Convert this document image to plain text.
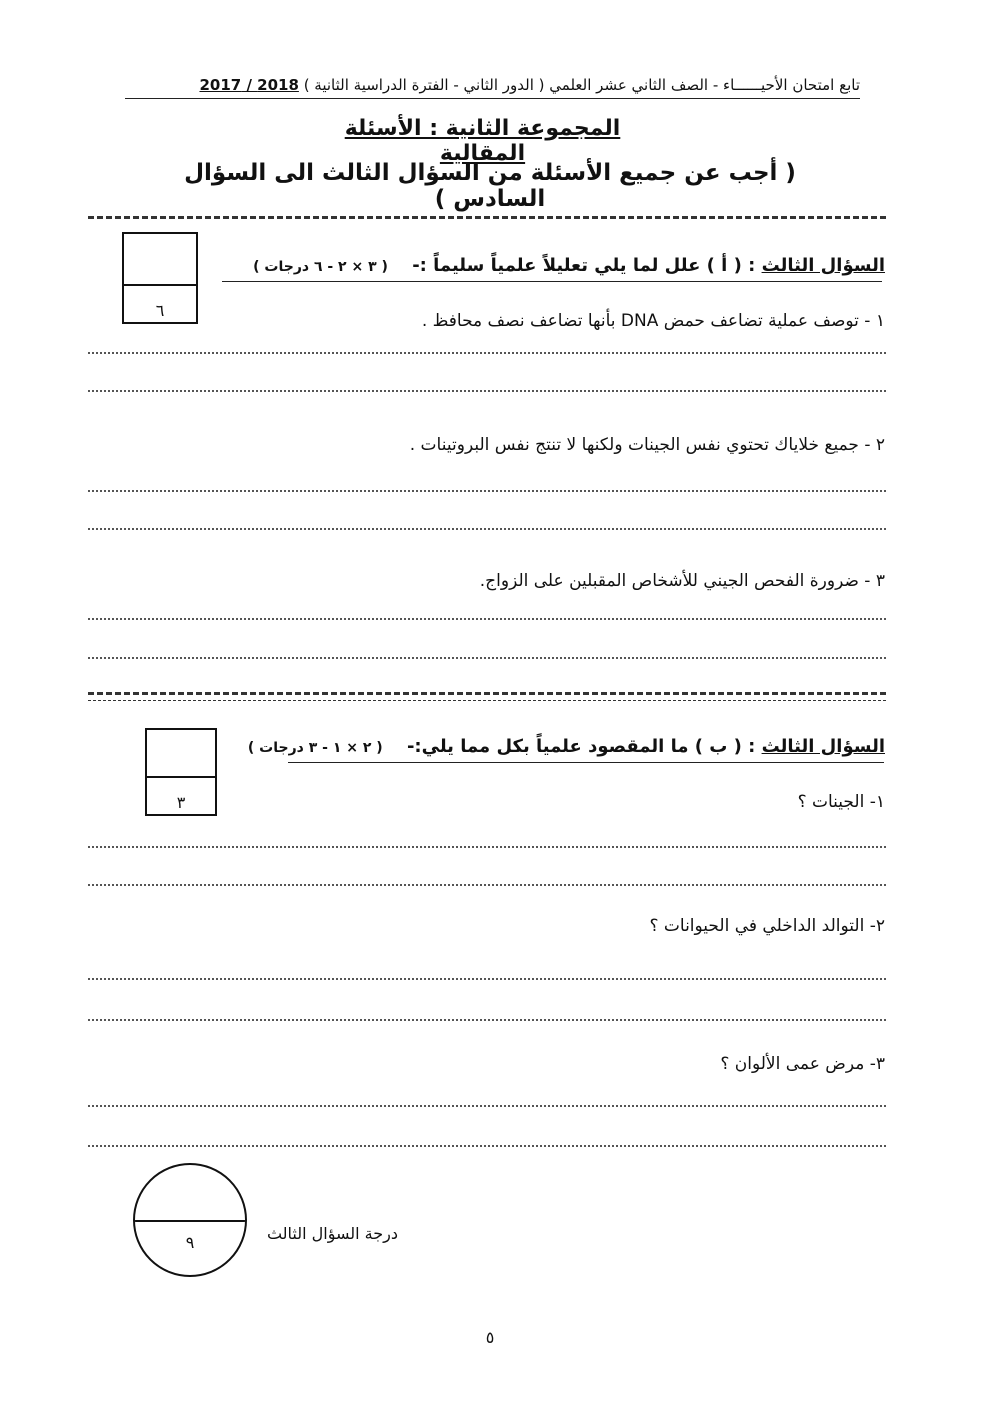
تابع امتحان الأحيــــــاء - الصف الثاني عشر العلمي ( الدور الثاني - الفترة الدراسية الثانية ) 2018 / 2017
المجموعة الثانية : الأسئلة المقالية
( أجب عن جميع الأسئلة من السؤال الثالث الى السؤال السادس )
٦
السؤال الثالث : ( أ ) علل لما يلي تعليلاً علمياً سليماً :- ( ٣ × ٢ - ٦ درجات )
١ - توصف عملية تضاعف حمض DNA بأنها تضاعف نصف محافظ .
٢ - جميع خلاياك تحتوي نفس الجينات ولكنها لا تنتج نفس البروتينات .
٣ - ضرورة الفحص الجيني للأشخاص المقبلين على الزواج.
٣
السؤال الثالث : ( ب ) ما المقصود علمياً بكل مما يلي:- ( ٢ × ١ - ٣ درجات )
١- الجينات ؟
٢- التوالد الداخلي في الحيوانات ؟
٣- مرض عمى الألوان ؟
٩	درجة السؤال الثالث
٥
